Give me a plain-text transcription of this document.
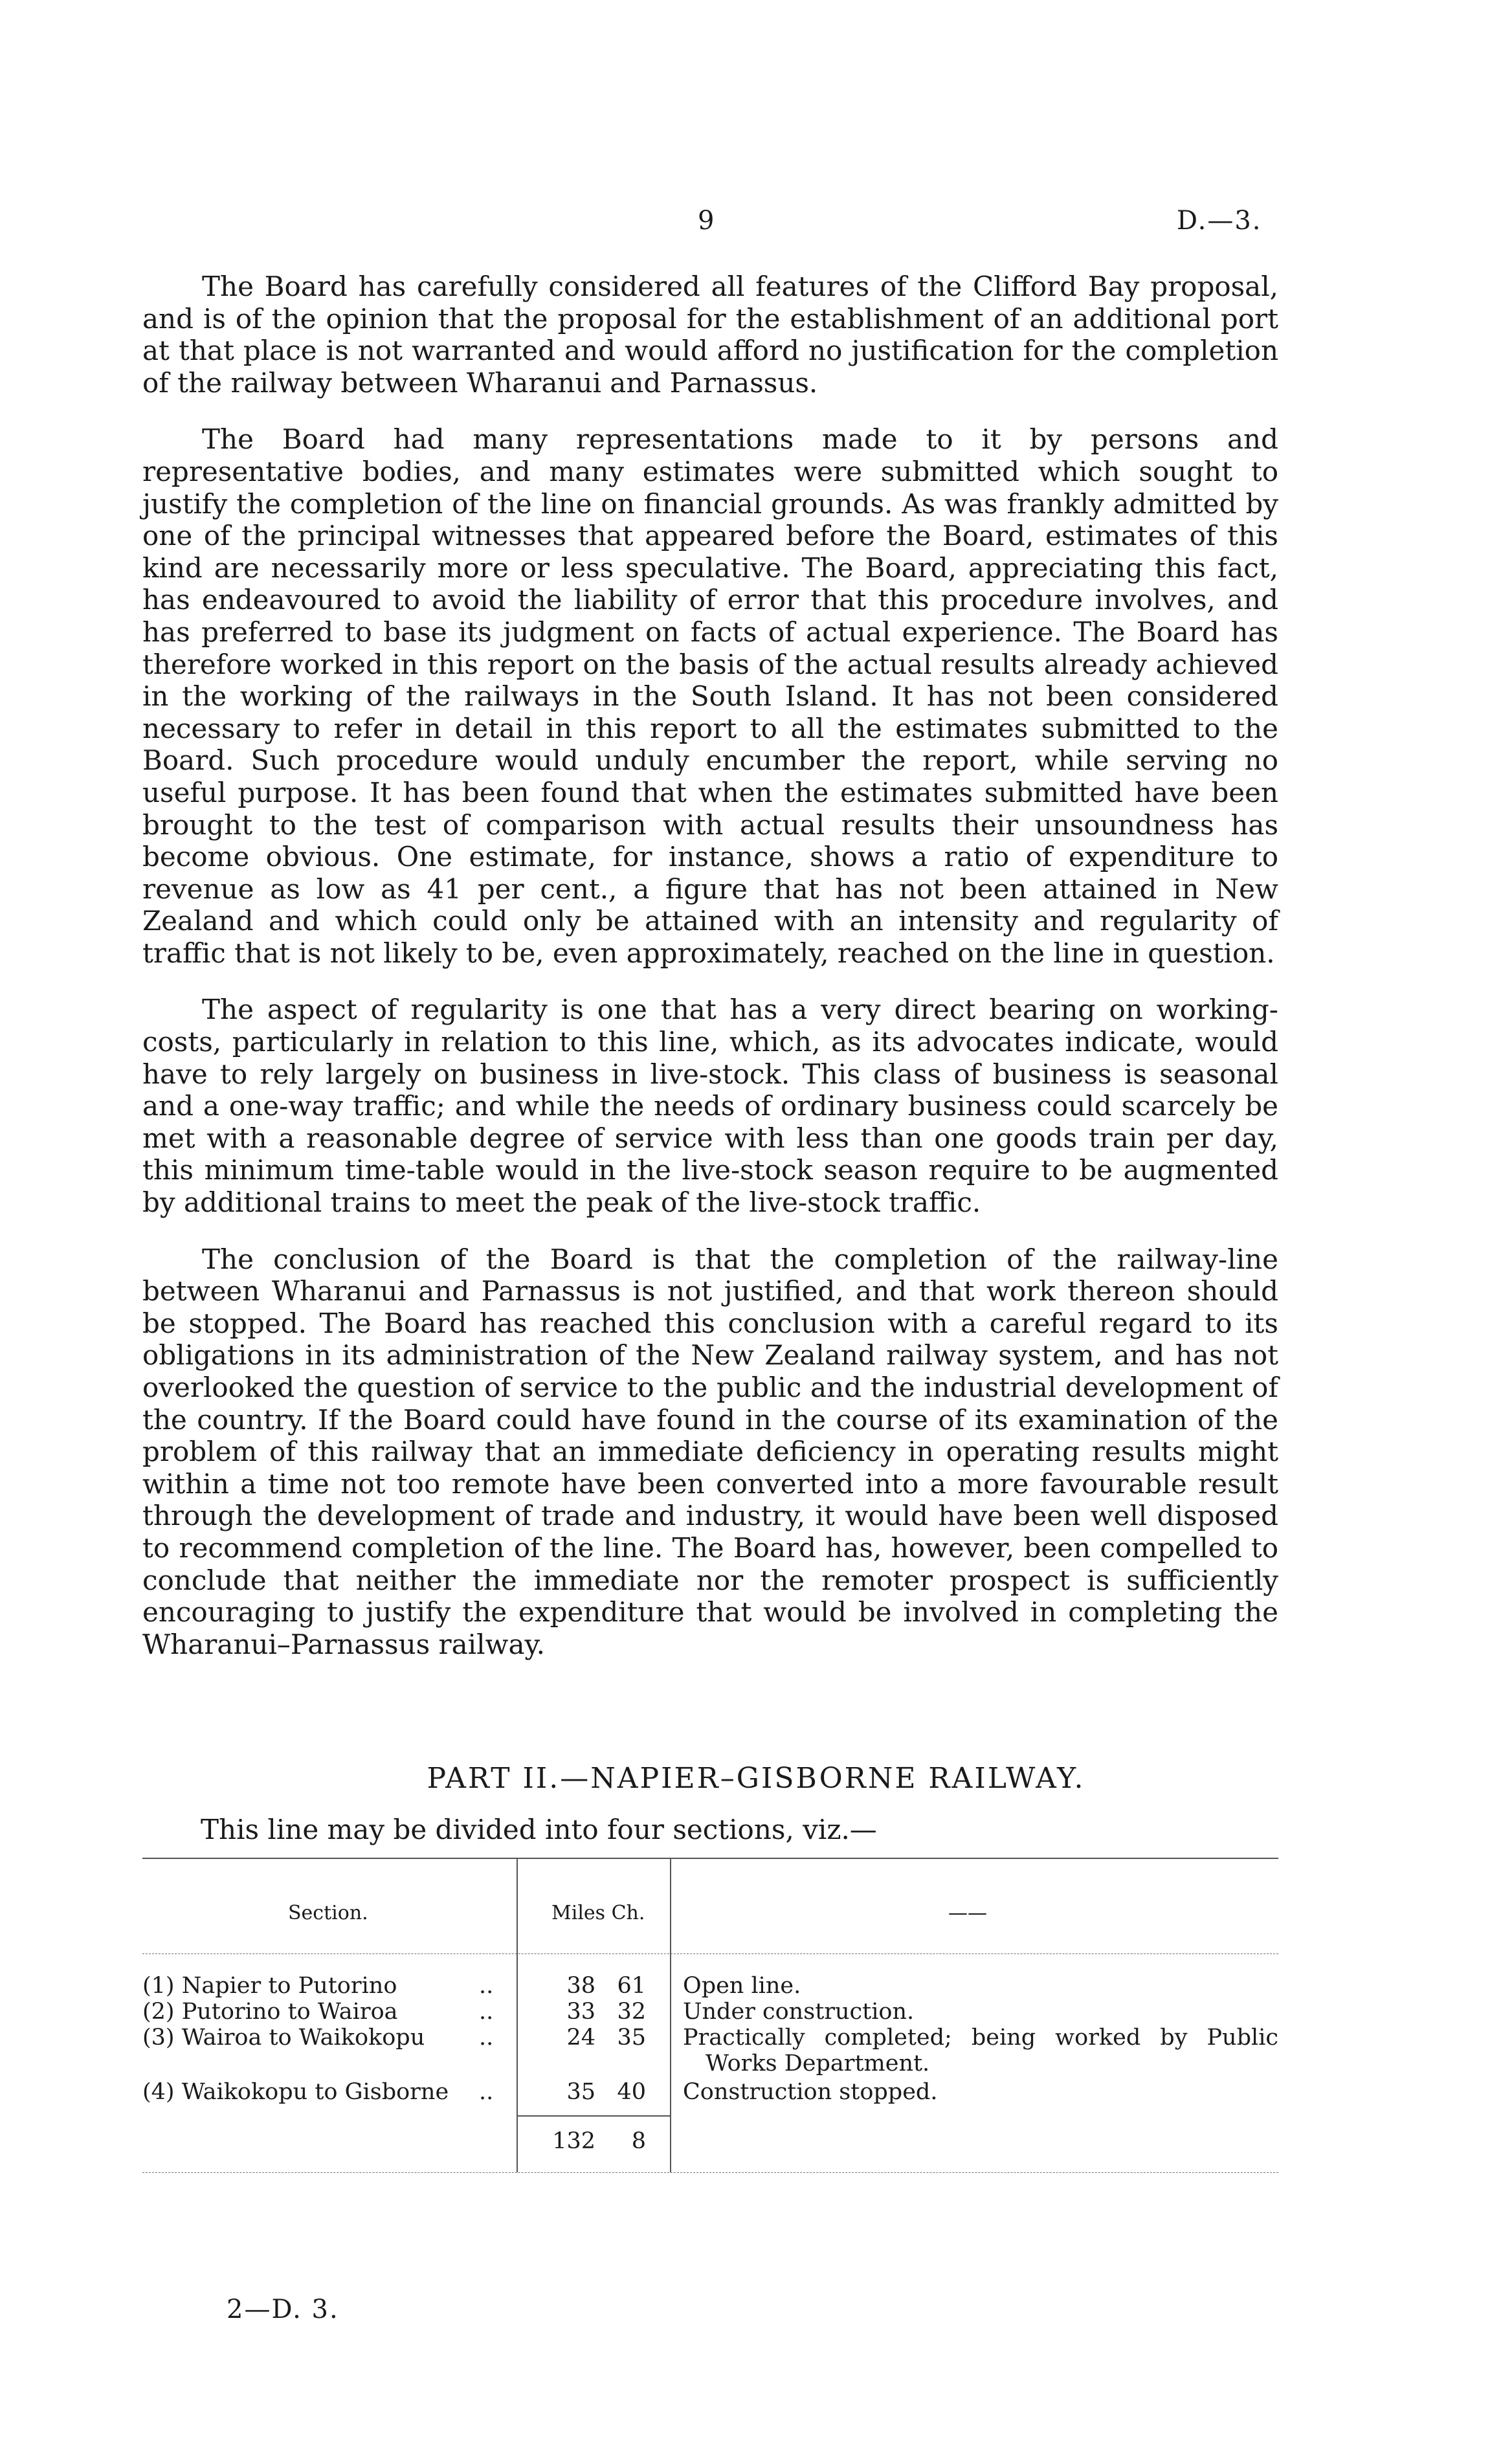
9	D.—3.

The Board has carefully considered all features of the Clifford Bay proposal, and is of the opinion that the proposal for the establishment of an additional port at that place is not warranted and would afford no justification for the completion of the railway between Wharanui and Parnassus.

The Board had many representations made to it by persons and representative bodies, and many estimates were submitted which sought to justify the completion of the line on financial grounds. As was frankly admitted by one of the principal witnesses that appeared before the Board, estimates of this kind are necessarily more or less speculative. The Board, appreciating this fact, has endeavoured to avoid the liability of error that this procedure involves, and has preferred to base its judgment on facts of actual experience. The Board has therefore worked in this report on the basis of the actual results already achieved in the working of the railways in the South Island. It has not been considered necessary to refer in detail in this report to all the estimates submitted to the Board. Such procedure would unduly encumber the report, while serving no useful purpose. It has been found that when the estimates submitted have been brought to the test of comparison with actual results their unsoundness has become obvious. One estimate, for instance, shows a ratio of expenditure to revenue as low as 41 per cent., a figure that has not been attained in New Zealand and which could only be attained with an intensity and regularity of traffic that is not likely to be, even approximately, reached on the line in question.

The aspect of regularity is one that has a very direct bearing on working-costs, particularly in relation to this line, which, as its advocates indicate, would have to rely largely on business in live-stock. This class of business is seasonal and a one-way traffic; and while the needs of ordinary business could scarcely be met with a reasonable degree of service with less than one goods train per day, this minimum time-table would in the live-stock season require to be augmented by additional trains to meet the peak of the live-stock traffic.

The conclusion of the Board is that the completion of the railway-line between Wharanui and Parnassus is not justified, and that work thereon should be stopped. The Board has reached this conclusion with a careful regard to its obligations in its administration of the New Zealand railway system, and has not overlooked the question of service to the public and the industrial development of the country. If the Board could have found in the course of its examination of the problem of this railway that an immediate deficiency in operating results might within a time not too remote have been converted into a more favourable result through the development of trade and industry, it would have been well disposed to recommend completion of the line. The Board has, however, been compelled to conclude that neither the immediate nor the remoter prospect is sufficiently encouraging to justify the expenditure that would be involved in completing the Wharanui–Parnassus railway.

PART II.—NAPIER–GISBORNE RAILWAY.
This line may be divided into four sections, viz.—
Section.	Miles Ch.	——
(1) Napier to Putorino	..	38 61 Open line.
(2) Putorino to Wairoa	..	33 32 Under construction.
(3) Wairoa to Waikokopu ..	24 35 Practically completed; being worked by Public
Works Department.
(4) Waikokopu to Gisborne ..	35 40 Construction stopped.
132	8
2—D. 3.
